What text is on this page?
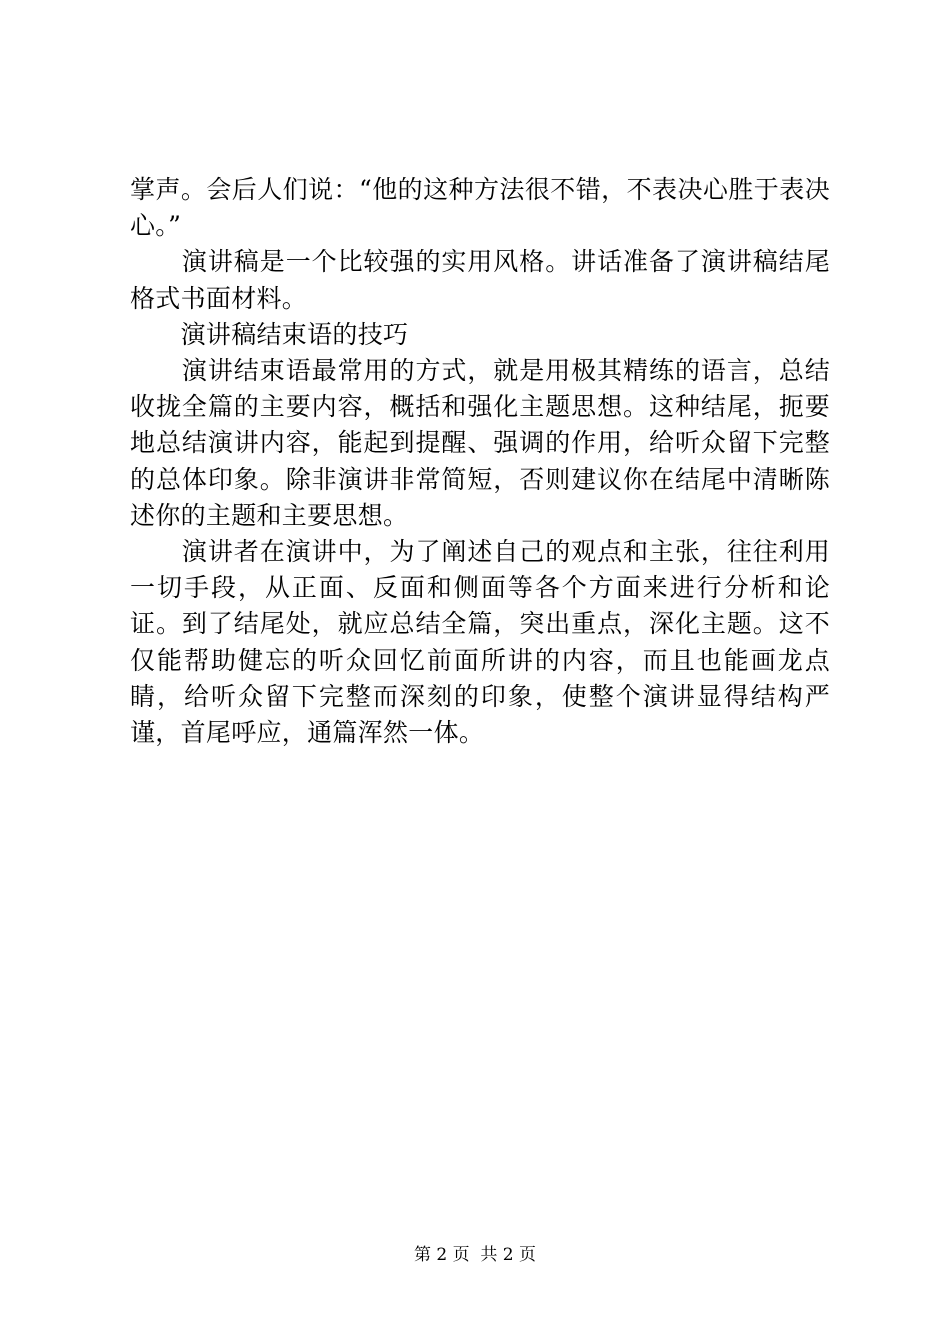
掌声。会后人们说：“他的这种方法很不错，不表决心胜于表决心。”

　　演讲稿是一个比较强的实用风格。讲话准备了演讲稿结尾格式书面材料。

　　演讲稿结束语的技巧

　　演讲结束语最常用的方式，就是用极其精练的语言，总结收拢全篇的主要内容，概括和强化主题思想。这种结尾，扼要地总结演讲内容，能起到提醒、强调的作用，给听众留下完整的总体印象。除非演讲非常简短，否则建议你在结尾中清晰陈述你的主题和主要思想。

　　演讲者在演讲中，为了阐述自己的观点和主张，往往利用一切手段，从正面、反面和侧面等各个方面来进行分析和论证。到了结尾处，就应总结全篇，突出重点，深化主题。这不仅能帮助健忘的听众回忆前面所讲的内容，而且也能画龙点睛，给听众留下完整而深刻的印象，使整个演讲显得结构严谨，首尾呼应，通篇浑然一体。

第 2 页  共 2 页
